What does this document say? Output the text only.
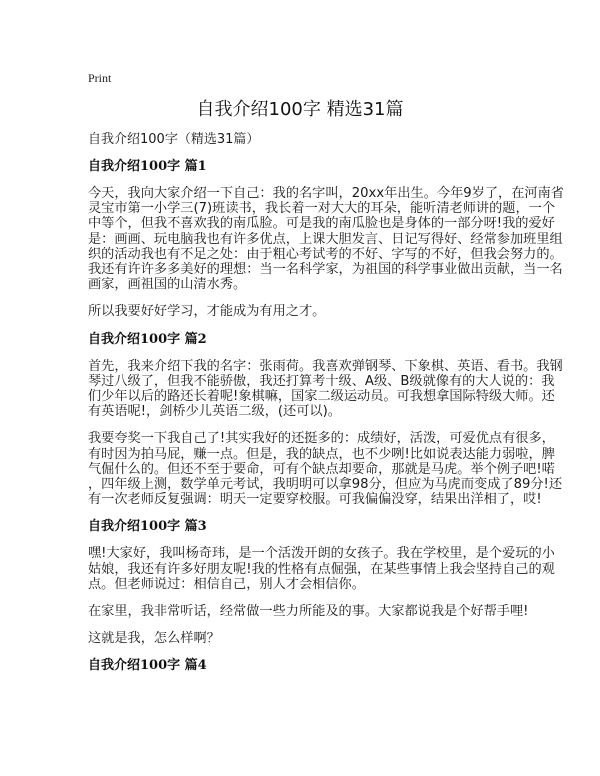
Print
自我介绍100字 精选31篇
自我介绍100字（精选31篇）
自我介绍100字 篇1
今天，我向大家介绍一下自己：我的名字叫，20xx年出生。今年9岁了，在河南省
灵宝市第一小学三(7)班读书，我长着一对大大的耳朵，能听清老师讲的题，一个
中等个，但我不喜欢我的南瓜脸。可是我的南瓜脸也是身体的一部分呀!我的爱好
是：画画、玩电脑我也有许多优点，上课大胆发言、日记写得好、经常参加班里组
织的活动我也有不足之处：由于粗心考试考的不好、字写的不好，但我会努力的。
我还有许许多多美好的理想：当一名科学家，为祖国的科学事业做出贡献，当一名
画家，画祖国的山清水秀。
所以我要好好学习，才能成为有用之才。
自我介绍100字 篇2
首先，我来介绍下我的名字：张雨荷。我喜欢弹钢琴、下象棋、英语、看书。我钢
琴过八级了，但我不能骄傲，我还打算考十级、A级、B级就像有的大人说的：我
们少年以后的路还长着呢!象棋嘛，国家二级运动员。可我想拿国际特级大师。还
有英语呢!，剑桥少儿英语二级，(还可以)。
我要夸奖一下我自己了!其实我好的还挺多的：成绩好，活泼，可爱优点有很多，
有时因为拍马屁，赚一点。但是，我的缺点，也不少咧!比如说表达能力弱啦，脾
气倔什么的。但还不至于要命，可有个缺点却要命，那就是马虎。举个例子吧!喏
，四年级上测，数学单元考试，我明明可以拿98分，但应为马虎而变成了89分!还
有一次老师反复强调：明天一定要穿校服。可我偏偏没穿，结果出洋相了，哎!
自我介绍100字 篇3
嘿!大家好，我叫杨奇玮，是一个活泼开朗的女孩子。我在学校里，是个爱玩的小
姑娘，我还有许多好朋友呢!我的性格有点倔强，在某些事情上我会坚持自己的观
点。但老师说过：相信自己，别人才会相信你。
在家里，我非常听话，经常做一些力所能及的事。大家都说我是个好帮手哩!
这就是我，怎么样啊？
自我介绍100字 篇4
